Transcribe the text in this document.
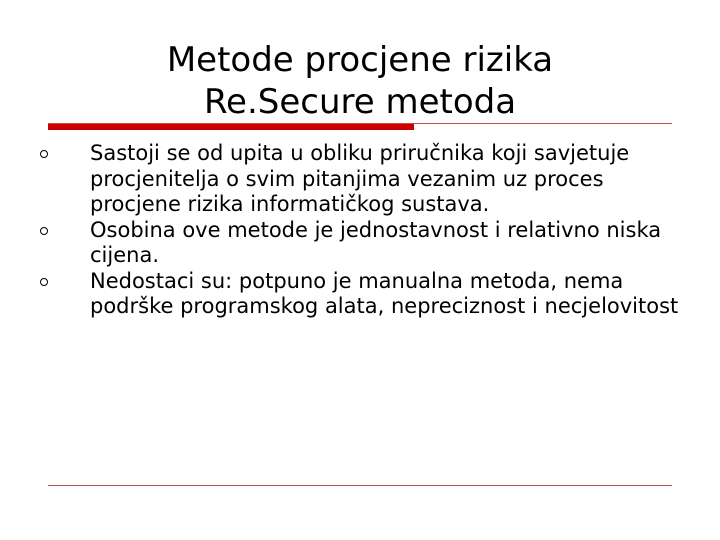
Metode procjene rizika
Re.Secure metoda
Sastoji se od upita u obliku priručnika koji savjetuje procjenitelja o svim pitanjima vezanim uz proces procjene rizika informatičkog sustava.
Osobina ove metode je jednostavnost i relativno niska cijena.
Nedostaci su: potpuno je manualna metoda, nema podrške programskog alata, nepreciznost i necjelovitost
